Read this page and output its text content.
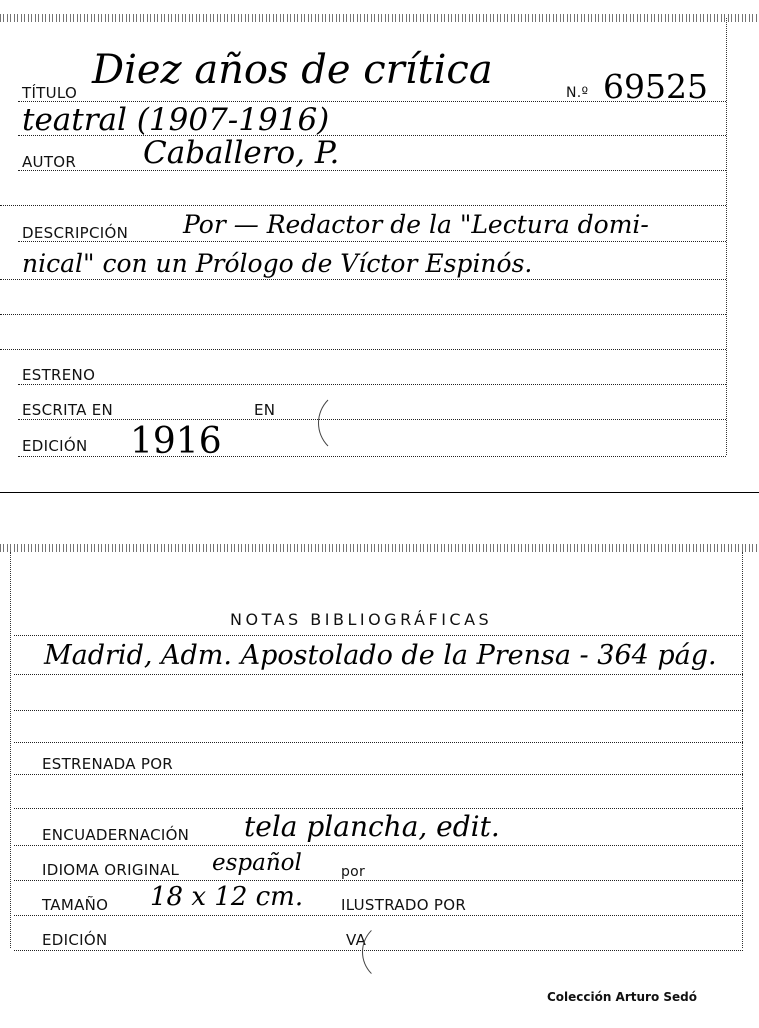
TÍTULO Diez años de crítica	N.º 69525
teatral (1907-1916)
AUTOR Caballero, P.
DESCRIPCIÓN Por — Redactor de la "Lectura domi-
nical" con un Prólogo de Víctor Espinós.
ESTRENO
ESCRITA EN	EN
EDICIÓN 1916
NOTAS BIBLIOGRÁFICAS
Madrid, Adm. Apostolado de la Prensa - 364 pág.
ESTRENADA POR
ENCUADERNACIÓN tela plancha, edit.
IDIOMA ORIGINAL español	por
TAMAÑO 18 x 12 cm.	ILUSTRADO POR
EDICIÓN	VA
Colección Arturo Sedó
